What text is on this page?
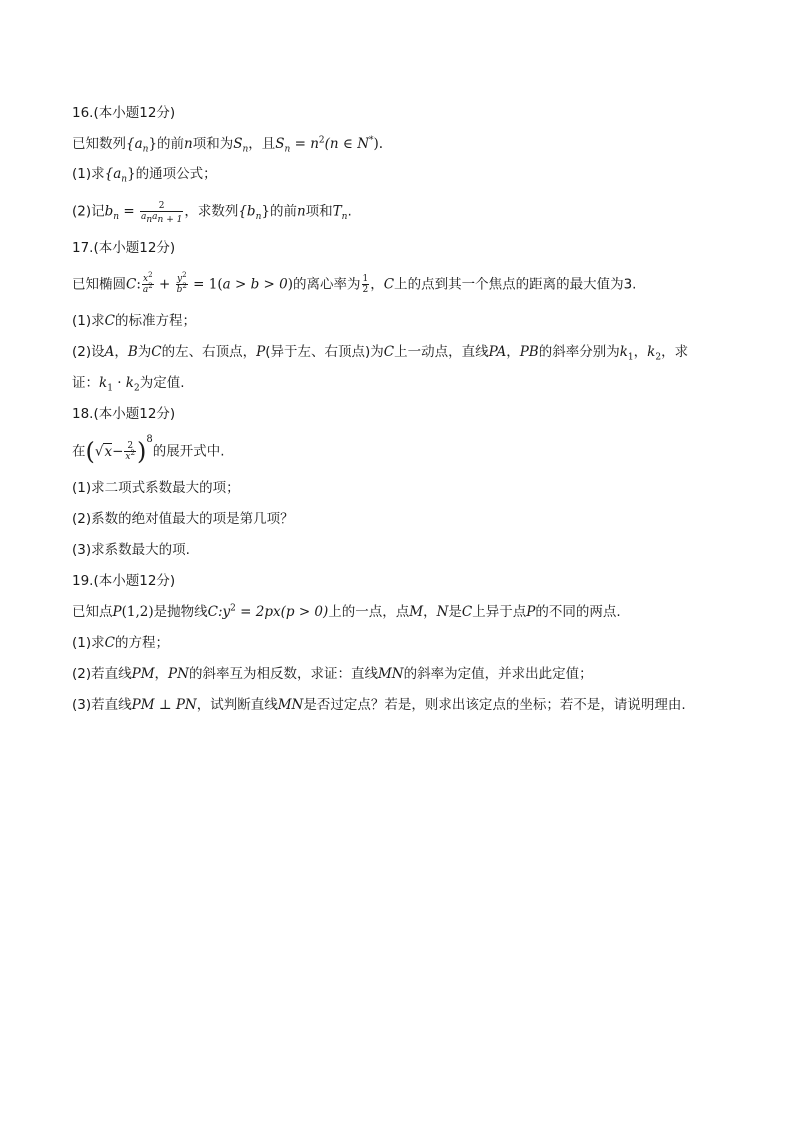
16.(本小题12分)
已知数列$\{a_n\}$的前n项和为$S_n$，且$S_n = n^2(n$ ∈ N*).
(1)求$\{a_n\}$的通项公式；
(2)记$b_n = \frac{2}{a_na_{n + 1}}$ ，求数列$\{b_n\}$的前n项和$T_n$.
17.(本小题12分)
已知椭圆C: $\frac{x^2}{a^2} + \frac{y^2}{b^2} = 1(a > b > 0)$的离心率为 $\frac{1}{2}$ ，C上的点到其一个焦点的距离的最大值为3.
(1)求C的标准方程；
(2)设A，B为C的左、右顶点，P(异于左、右顶点)为C上一动点，直线PA，PB的斜率分别为$k_1$，$k_2$，求
证：$k_1 \cdot k_2$为定值.
18.(本小题12分)
在$(√x- \frac{2}{x^2} )^8$的展开式中.
(1)求二项式系数最大的项；
(2)系数的绝对值最大的项是第几项？
(3)求系数最大的项.
19.(本小题12分)
已知点P(1,2)是抛物线$C:y^2 = 2px(p > 0)$上的一点，点M，N是C上异于点P的不同的两点.
(1)求C的方程；
(2)若直线PM，PN的斜率互为相反数，求证：直线MN的斜率为定值，并求出此定值；
(3)若直线PM ⊥ PN，试判断直线MN是否过定点？若是，则求出该定点的坐标；若不是，请说明理由.
